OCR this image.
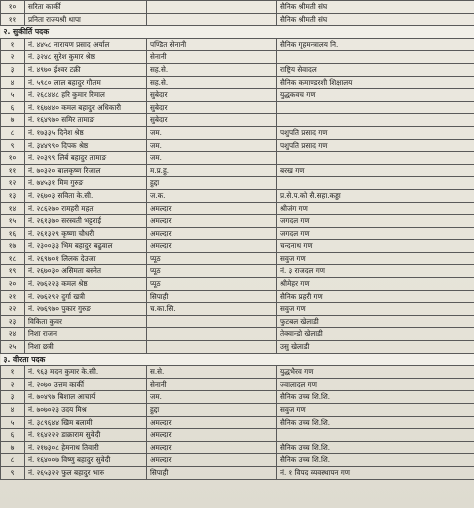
१०	सरिता कार्की		सैनिक श्रीमती संघ
११	प्रनिता राज्यश्री थापा		सैनिक श्रीमती संघ
२. सुकीर्ति पदक			
१	नं. ४४५८ नारायण प्रसाद अर्याल	पण्डित सेनानी	सैनिक गृहमन्त्रालय नि.
२	नं. ३२४८ सुरेश कुमार श्रेष्ठ	सेनानी	
३	नं. ४९७० ईश्वर टक्री	सह.से.	राष्ट्रिय सेवादल
४	नं. ५९८० लाल बहादुर गौतम	सह.से.	सैनिक कमाण्डरशी शिक्षालय
५	नं. २६८४४८ हरि कुमार रिमाल	सुबेदार	युद्धकवच गण
६	नं. १६७४४० कमल बहादुर अधिकारी	सुबेदार	
७	नं. १६४९७० समिर तामाङ	सुबेदार	
८	नं. १७३३५ दिनेश श्रेष्ठ	जम.	पशुपति प्रसाद गण
९	नं. ३४४९९० दिपक श्रेष्ठ	जम.	पशुपति प्रसाद गण
१०	नं. २०३९९ लिर्ब बहादुर तामाङ	जम.	
११	नं. ७०३२० बालकृष्ण रिजाल	म.प्र.हु.	बरख गण
१२	नं. ७४५३१ मिम गुरुङ	हुद्दा	
१३	नं. २६७०३ सविता के.सी.	ज.क.	प्र.से.प.को सै.सहा.कड्डा
१४	नं. २८६२७० रामहरी महत	अमल्दार	श्रीजंग गण
१५	नं. २६१३७० सरस्वती भट्टराई	अमल्दार	जगदल गण
१६	नं. २६१३२९ कृष्णा चौधरी	अमल्दार	जगदल गण
१७	नं. २३००३३ भिम बहादुर बढुवाल	अमल्दार	चन्दनाथ गण
१८	नं. २६९७०१ लिलक देउजा	प्यूठ	सवुज गण
१९	नं. २६७०३० असिमता बस्नेत	प्यूठ	नं. ३ राजदल गण
२०	नं. २७६२२३ कमल श्रेष्ठ	प्यूठ	श्रीमेहर गण
२१	नं. २७६२९२ दुर्गा खत्री	सिपाही	सैनिक प्रहरी गण
२२	नं. २७६९७० पुकार गुरुङ	च.का.सि.	सवुज गण
२३	विकिता कुवर		फुटबल खेलाडी
२४	निशा राजन		तेक्वान्डो खेलाडी
२५	निशा छत्री		उसु खेलाडी
३. वीरता पदक			
१	नं. ९६३ मदन कुमार के.सी.	स.से.	युद्धभैरव गण
२	नं. २०७० उत्तम कार्की	सेनानी	ज्वालादल गण
३	नं. ७०४९७ बिशाल आचार्य	जम.	सैनिक उच्च शि.शि.
४	नं. ७०७०२३ उदय मिश्र	हुद्दा	सवुज गण
५	नं. ३८९६४४ खिम बलामी	अमल्दार	सैनिक उच्च शि.शि.
६	नं. १६४२२२ डाक्राराम सुवेदी	अमल्दार	
७	नं. २१७३०८ हेमनाथ तिवारी	अमल्दार	सैनिक उच्च शि.शि.
८	नं. १६४००७ विष्णु बहादुर सुवेदी	अमल्दार	सैनिक उच्च शि.शि.
९	नं. २६५३२२ फुल बहादुर भारु	सिपाही	नं. १ विपद व्यवस्थापन गण
